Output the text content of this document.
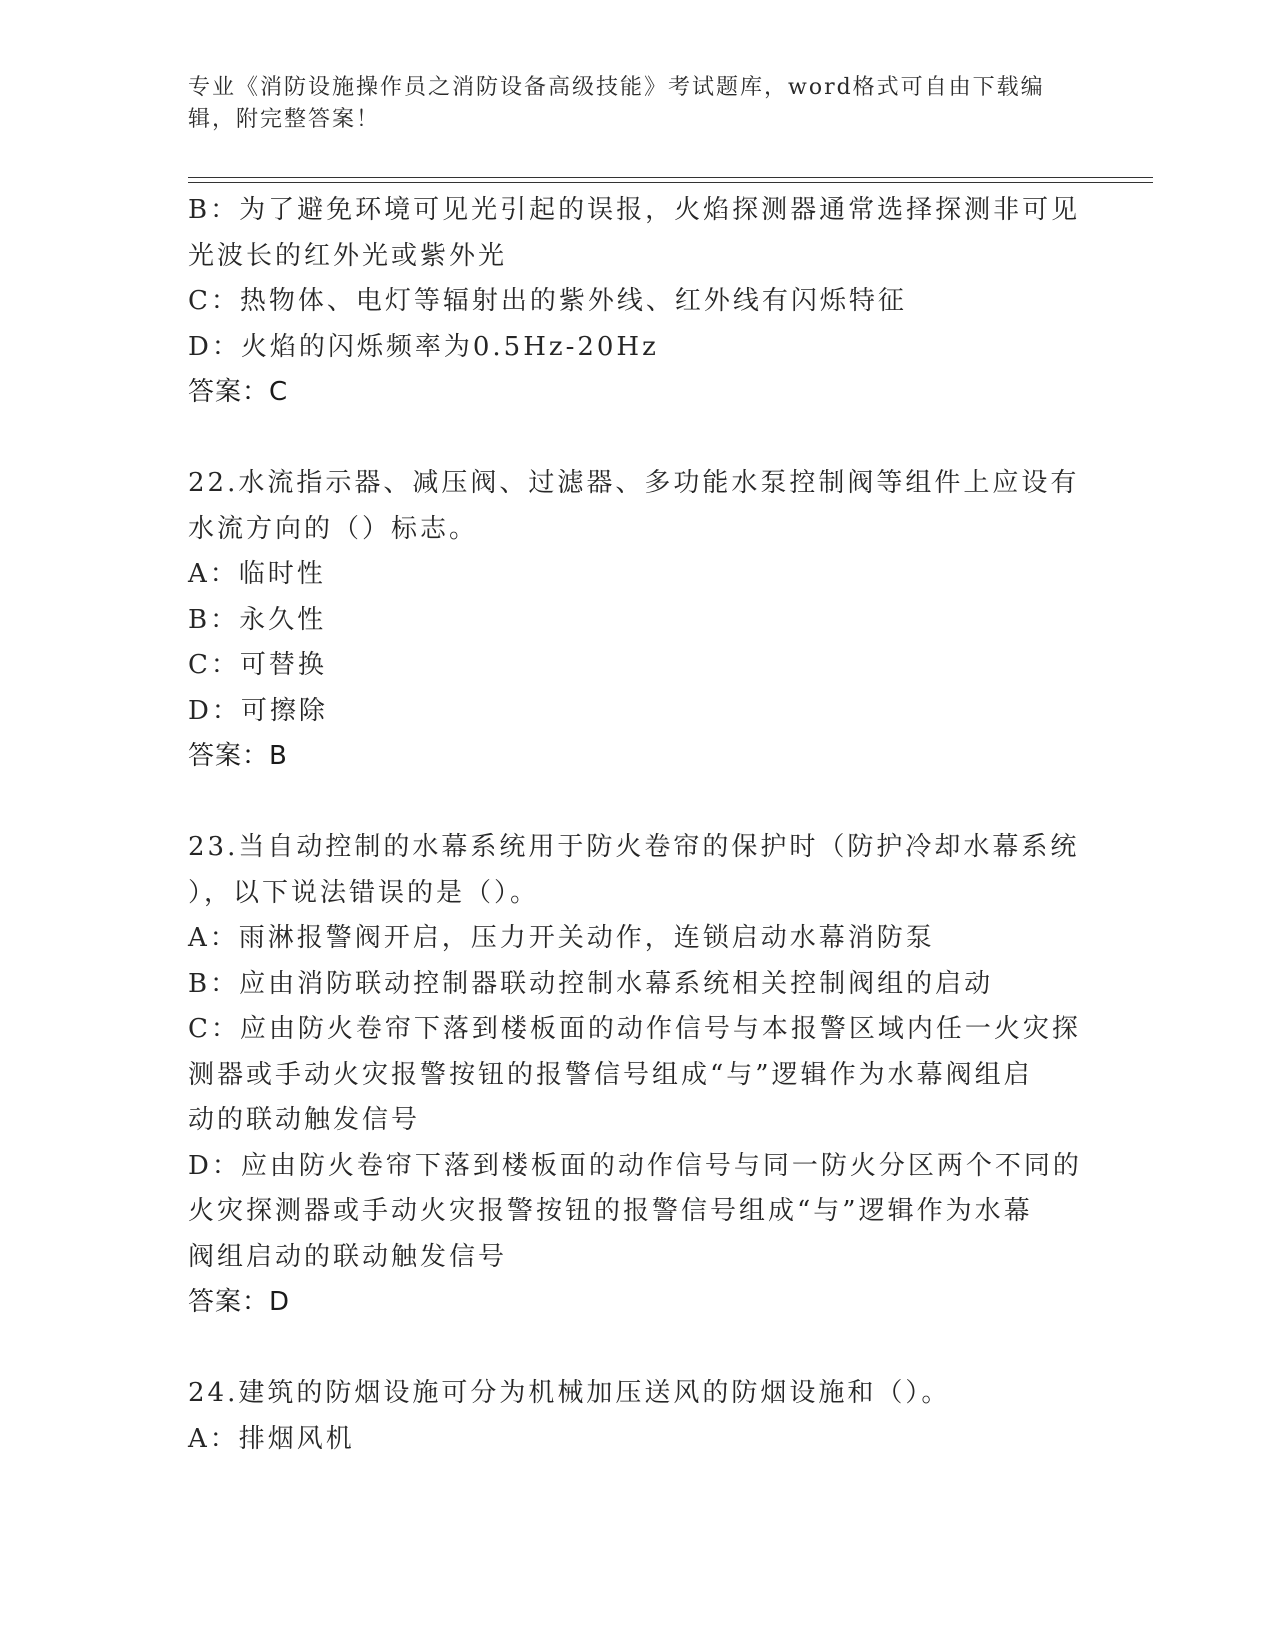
专业《消防设施操作员之消防设备高级技能》考试题库，word格式可自由下载编
辑，附完整答案！
B：为了避免环境可见光引起的误报，火焰探测器通常选择探测非可见
光波长的红外光或紫外光
C：热物体、电灯等辐射出的紫外线、红外线有闪烁特征
D：火焰的闪烁频率为0.5Hz-20Hz
答案：C
22.水流指示器、减压阀、过滤器、多功能水泵控制阀等组件上应设有
水流方向的（）标志。
A：临时性
B：永久性
C：可替换
D：可擦除
答案：B
23.当自动控制的水幕系统用于防火卷帘的保护时（防护冷却水幕系统
），以下说法错误的是（）。
A：雨淋报警阀开启，压力开关动作，连锁启动水幕消防泵
B：应由消防联动控制器联动控制水幕系统相关控制阀组的启动
C：应由防火卷帘下落到楼板面的动作信号与本报警区域内任一火灾探
测器或手动火灾报警按钮的报警信号组成“与”逻辑作为水幕阀组启
动的联动触发信号
D：应由防火卷帘下落到楼板面的动作信号与同一防火分区两个不同的
火灾探测器或手动火灾报警按钮的报警信号组成“与”逻辑作为水幕
阀组启动的联动触发信号
答案：D
24.建筑的防烟设施可分为机械加压送风的防烟设施和（）。
A：排烟风机
